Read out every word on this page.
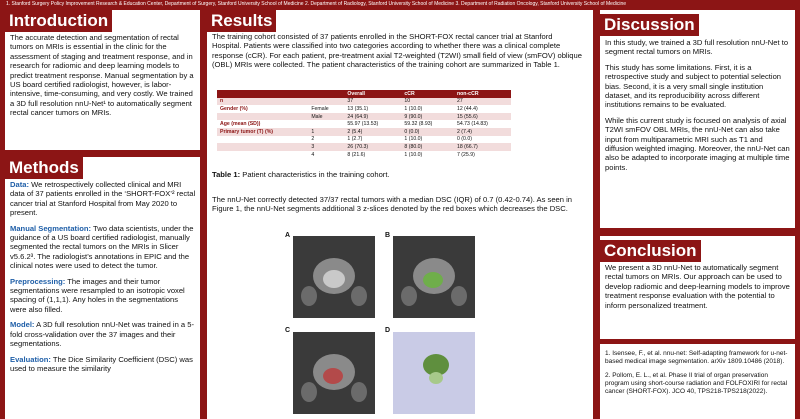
1. Stanford Surgery Policy Improvement Research & Education Center, Department of Surgery, Stanford University School of Medicine 2. Department of Radiology, Stanford University School of Medicine 3. Department of Radiation Oncology, Stanford University School of Medicine
Introduction
The accurate detection and segmentation of rectal tumors on MRIs is essential in the clinic for the assessment of staging and treatment response, and in research for radiomic and deep learning models to predict treatment response. Manual segmentation by a US board certified radiologist, however, is labor-intensive, time-consuming, and very costly. We trained a 3D full resolution nnU-Net¹ to automatically segment rectal cancer tumors on MRIs.
Methods

Data: We retrospectively collected clinical and MRI data of 37 patients enrolled in the ‘SHORT-FOX’² rectal cancer trial at Stanford Hospital from May 2020 to present.

Manual Segmentation: Two data scientists, under the guidance of a US board certified radiologist, manually segmented the rectal tumors on the MRIs in Slicer v5.6.2³. The radiologist’s annotations in EPIC and the clinical notes were used to detect the tumor.

Preprocessing: The images and their tumor segmentations were resampled to an isotropic voxel spacing of (1,1,1). Any holes in the segmentations were also filled.

Model: A 3D full resolution nnU-Net was trained in a 5-fold cross-validation over the 37 images and their segmentations.

Evaluation: The Dice Similarity Coefficient (DSC) was used to measure the similarity

Results
The training cohort consisted of 37 patients enrolled in the SHORT-FOX rectal cancer trial at Stanford Hospital. Patients were classified into two categories according to whether there was a clinical complete response (cCR). For each patient, pre-treatment axial T2-weighted (T2WI) small field of view (smFOV) oblique (OBL) MRIs were collected. The patient characteristics of the training cohort are summarized in Table 1.
		Overall	cCR	non-cCR
n		37	10	27
Gender (%)	Female	13 (35.1)	1 (10.0)	12 (44.4)
	Male	24 (64.9)	9 (90.0)	15 (55.6)
Age (mean (SD))		55.97 (13.53)	59.32 (8.93)	54.73 (14.83)
Primary tumor (T) (%)	1	2 (5.4)	0 (0.0)	2 (7.4)
	2	1 (2.7)	1 (10.0)	0 (0.0)
	3	26 (70.3)	8 (80.0)	18 (66.7)
	4	8 (21.6)	1 (10.0)	7 (25.9)
Table 1: Patient characteristics in the training cohort.
The nnU-Net correctly detected 37/37 rectal tumors with a median DSC (IQR) of 0.7 (0.42-0.74). As seen in Figure 1, the nnU-Net segments additional 3 z-slices denoted by the red boxes which decreases the DSC.
A	B
C	D
Discussion

In this study, we trained a 3D full resolution nnU-Net to segment rectal tumors on MRIs.

This study has some limitations. First, it is a retrospective study and subject to potential selection bias. Second, it is a very small single institution dataset, and its reproducibility across different institutions remains to be evaluated.

While this current study is focused on analysis of axial T2WI smFOV OBL MRIs, the nnU-Net can also take input from multiparametric MRI such as T1 and diffusion weighted imaging. Moreover, the nnU-Net can also be adapted to incorporate imaging at multiple time points.

Conclusion
We present a 3D nnU-Net to automatically segment rectal tumors on MRIs. Our approach can be used to develop radiomic and deep-learning models to improve treatment response evaluation with the potential to inform personalized treatment.

1. Isensee, F., et al. nnu-net: Self-adapting framework for u-net-based medical image segmentation. arXiv 1809.10486 (2018).

2. Pollom, E. L., et al. Phase II trial of organ preservation program using short-course radiation and FOLFOXIRI for rectal cancer (SHORT-FOX). JCO 40, TPS218-TPS218(2022).
